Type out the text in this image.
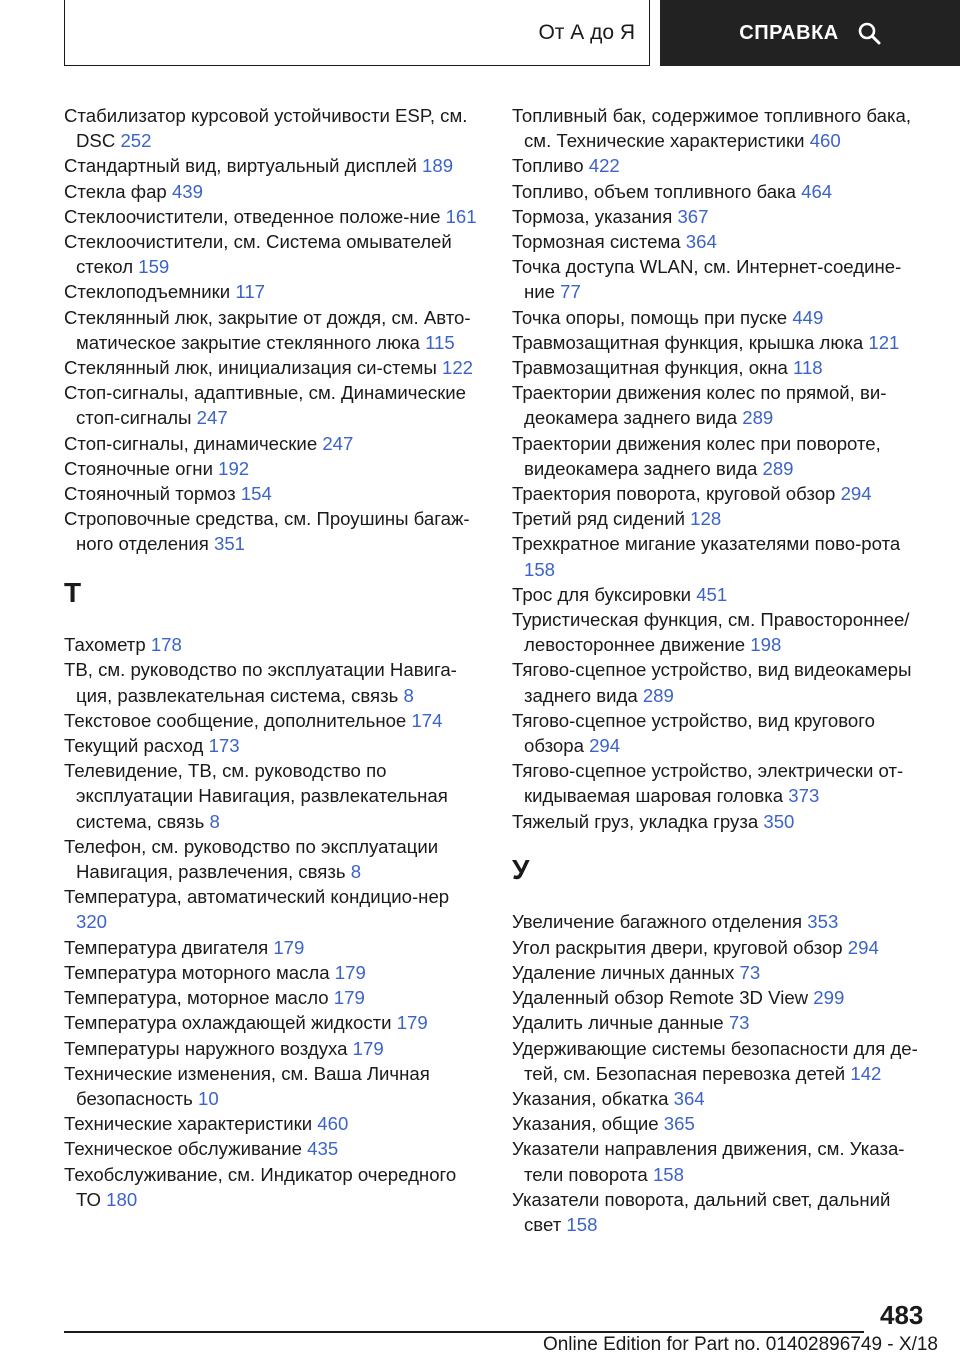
От А до Я	СПРАВКА
Стабилизатор курсовой устойчивости ESP, см. DSC 252
Стандартный вид, виртуальный дисплей 189
Стекла фар 439
Стеклоочистители, отведенное положе-ние 161
Стеклоочистители, см. Система омывателей стекол 159
Стеклоподъемники 117
Стеклянный люк, закрытие от дождя, см. Авто-матическое закрытие стеклянного люка 115
Стеклянный люк, инициализация си-стемы 122
Стоп-сигналы, адаптивные, см. Динамические стоп-сигналы 247
Стоп-сигналы, динамические 247
Стояночные огни 192
Стояночный тормоз 154
Строповочные средства, см. Проушины багаж-ного отделения 351
Т
Тахометр 178
ТВ, см. руководство по эксплуатации Навига-ция, развлекательная система, связь 8
Текстовое сообщение, дополнительное 174
Текущий расход 173
Телевидение, ТВ, см. руководство по эксплуатации Навигация, развлекательная система, связь 8
Телефон, см. руководство по эксплуатации Навигация, развлечения, связь 8
Температура, автоматический кондицио-нер320
Температура двигателя 179
Температура моторного масла 179
Температура, моторное масло 179
Температура охлаждающей жидкости 179
Температуры наружного воздуха 179
Технические изменения, см. Ваша Личная безопасность 10
Технические характеристики 460
Техническое обслуживание 435
Техобслуживание, см. Индикатор очередного ТО 180
Топливный бак, содержимое топливного бака, см. Технические характеристики 460
Топливо 422
Топливо, объем топливного бака 464
Тормоза, указания 367
Тормозная система 364
Точка доступа WLAN, см. Интернет-соедине-ние 77
Точка опоры, помощь при пуске 449
Травмозащитная функция, крышка люка 121
Травмозащитная функция, окна 118
Траектории движения колес по прямой, ви-деокамера заднего вида 289
Траектории движения колес при повороте, видеокамера заднего вида 289
Траектория поворота, круговой обзор 294
Третий ряд сидений 128
Трехкратное мигание указателями пово-рота158
Трос для буксировки 451
Туристическая функция, см. Правостороннее/ левостороннее движение 198
Тягово-сцепное устройство, вид видеокамеры заднего вида 289
Тягово-сцепное устройство, вид кругового обзора 294
Тягово-сцепное устройство, электрически от-кидываемая шаровая головка 373
Тяжелый груз, укладка груза 350
У
Увеличение багажного отделения 353
Угол раскрытия двери, круговой обзор 294
Удаление личных данных 73
Удаленный обзор Remote 3D View 299
Удалить личные данные 73
Удерживающие системы безопасности для де-тей, см. Безопасная перевозка детей 142
Указания, обкатка 364
Указания, общие 365
Указатели направления движения, см. Указа-тели поворота 158
Указатели поворота, дальний свет, дальний свет 158
483
Online Edition for Part no. 01402896749 - X/18
